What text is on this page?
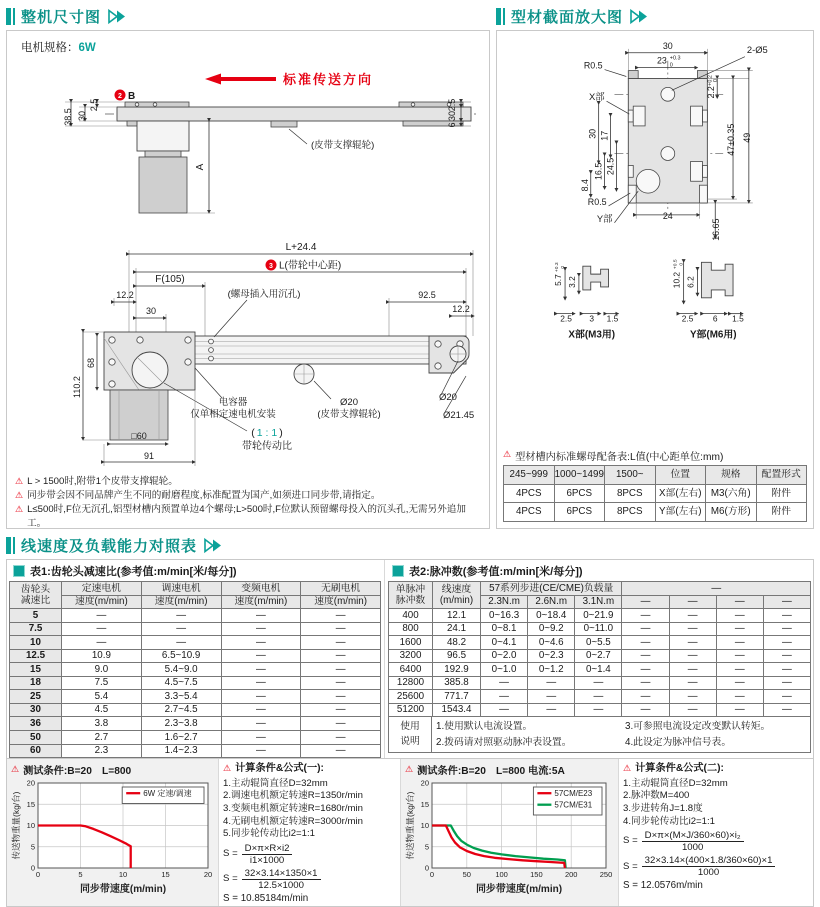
整机尺寸图
电机规格：6W
标准传送方向
38.5 30
2.5
2 B
A
(皮带支撑辊轮)
2.5
30
6

L+24.4
3 L(带轮中心距)
F(105)
12.2
30
92.5
12.2
(螺母插入用沉孔)
110.2
68
电容器
仅单相定速电机安装
Ø20
(皮带支撑辊轮)
( 1 : 1 )
带轮传动比
□60
91
Ø20
Ø21.45
⚠ L > 1500时,附带1个皮带支撑辊轮。
⚠ 同步带会因不同品牌产生不同的耐磨程度,标准配置为国产,如须进口同步带,请指定。
⚠ L≤500时,F位无沉孔,铝型材槽内预置单边4个螺母;L>500时,F位默认预留螺母投入的沉头孔,无需另外追加工。
型材截面放大图
30
23 +0.3
0
2-Ø5
R0.5
X部
30 17
16.5 24.5
8.4
2.2
+0.2 0
47±0.35 49
24
16.65
R0.5
Y部
5.7
+0.3 0
3.2
2.5 3 1.5
X部(M3用)
10.2
+0.5 0
6.2
2.5 6 1.5
Y部(M6用)
⚠ 型材槽内标准螺母配备表:L值(中心距单位:mm)
245~999	1000~1499	1500~	位置	规格	配置形式
4PCS	6PCS	8PCS	X部(左右)	M3(六角)	附件
4PCS	6PCS	8PCS	Y部(左右)	M6(方形)	附件
线速度及负载能力对照表
表1:齿轮头减速比(参考值:m/min[米/每分])
齿轮头
减速比	定速电机	调速电机	变频电机	无刷电机
	速度(m/min)	速度(m/min)	速度(m/min)	速度(m/min)
5	—	—	—	—
7.5	—	—	—	—
10	—	—	—	—
12.5	10.9	6.5~10.9	—	—
15	9.0	5.4~9.0	—	—
18	7.5	4.5~7.5	—	—
25	5.4	3.3~5.4	—	—
30	4.5	2.7~4.5	—	—
36	3.8	2.3~3.8	—	—
50	2.7	1.6~2.7	—	—
60	2.3	1.4~2.3	—	—
表2:脉冲数(参考值:m/min[米/每分])
单脉冲
脉冲数

线速度
(m/min)
	57系列步进(CE/CME)负载量	—
		2.3N.m	2.6N.m	3.1N.m	—	—	—	—
400	12.1	0~16.3	0~18.4	0~21.9	—	—	—	—
800	24.1	0~8.1	0~9.2	0~11.0	—	—	—	—
1600	48.2	0~4.1	0~4.6	0~5.5	—	—	—	—
3200	96.5	0~2.0	0~2.3	0~2.7	—	—	—	—
6400	192.9	0~1.0	0~1.2	0~1.4	—	—	—	—
12800	385.8	—	—	—	—	—	—	—
25600	771.7	—	—	—	—	—	—	—
51200	1543.4	—	—	—	—	—	—	—
使用
说明
1.使用默认电流设置。
2.拨码请对照驱动脉冲表设置。
3.可参照电流设定改变默认转矩。
4.此设定为脉冲信号表。
⚠ 测试条件:B=20　L=800
0	5	10	15	20
0
5
10
15
20
同步带速度(m/min)
传送物重量(kg/台)	6W 定速/调速
⚠ 计算条件&公式(一):
1.主动辊筒直径D=32mm
2.调速电机额定转速R=1350r/min
3.变频电机额定转速R=1680r/min
4.无刷电机额定转速R=3000r/min
5.同步轮传动比i2=1:1
$S = \frac{D\times\pi\times R\times i2}{i1\times 1000}$
$S = \frac{32\times 3.14\times 1350\times 1}{12.5\times 1000}$
S = 10.85184m/min
⚠ 测试条件:B=20　L=800 电流:5A
0	50	100	150	200	250
0
5
10
15
20
同步带速度(m/min)
传送物重量(kg/台)	57CM/E23
57CM/E31
⚠ 计算条件&公式(二):
1.主动辊筒直径D=32mm
2.脉冲数M=400
3.步进转角J=1.8度
4.同步轮传动比i2=1:1
$S = \frac{\text{D×π×(M×J/360×60)×i₂}}{1000}$
$S = \frac{32\times 3.14\times(400\times 1.8/360\times 60)\times 1}{1000}$
S = 12.0576m/min
